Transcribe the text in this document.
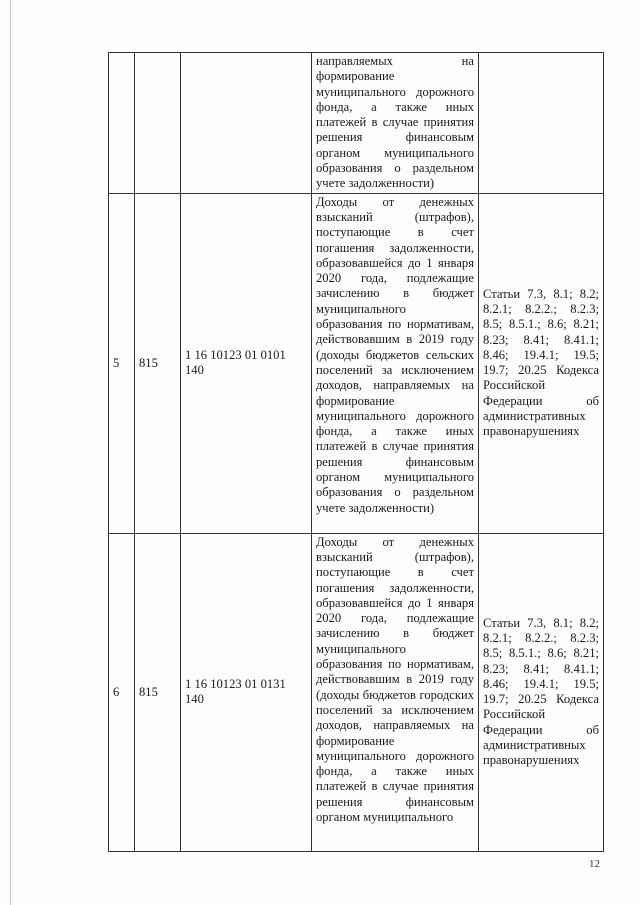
			направляемых на формирование муниципального дорожного фонда, а также иных платежей в случае принятия решения финансовым органом муниципального образования о раздельном учете задолженности)	

5	815	1 16 10123 01 0101 140	Доходы от денежных взысканий (штрафов), поступающие в счет погашения задолженности, образовавшейся до 1 января 2020 года, подлежащие зачислению в бюджет муниципального образования по нормативам, действовавшим в 2019 году (доходы бюджетов сельских поселений за исключением доходов, направляемых на формирование муниципального дорожного фонда, а также иных платежей в случае принятия решения финансовым органом муниципального образования о раздельном учете задолженности)	Статьи 7.3, 8.1; 8.2; 8.2.1; 8.2.2.; 8.2.3; 8.5; 8.5.1.; 8.6; 8.21; 8.23; 8.41; 8.41.1; 8.46; 19.4.1; 19.5; 19.7; 20.25 Кодекса Российской Федерации об административных правонарушениях
6	815	1 16 10123 01 0131 140	Доходы от денежных взысканий (штрафов), поступающие в счет погашения задолженности, образовавшейся до 1 января 2020 года, подлежащие зачислению в бюджет муниципального образования по нормативам, действовавшим в 2019 году (доходы бюджетов городских поселений за исключением доходов, направляемых на формирование муниципального дорожного фонда, а также иных платежей в случае принятия решения финансовым органом муниципального	Статьи 7.3, 8.1; 8.2; 8.2.1; 8.2.2.; 8.2.3; 8.5; 8.5.1.; 8.6; 8.21; 8.23; 8.41; 8.41.1; 8.46; 19.4.1; 19.5; 19.7; 20.25 Кодекса Российской Федерации об административных правонарушениях
12
